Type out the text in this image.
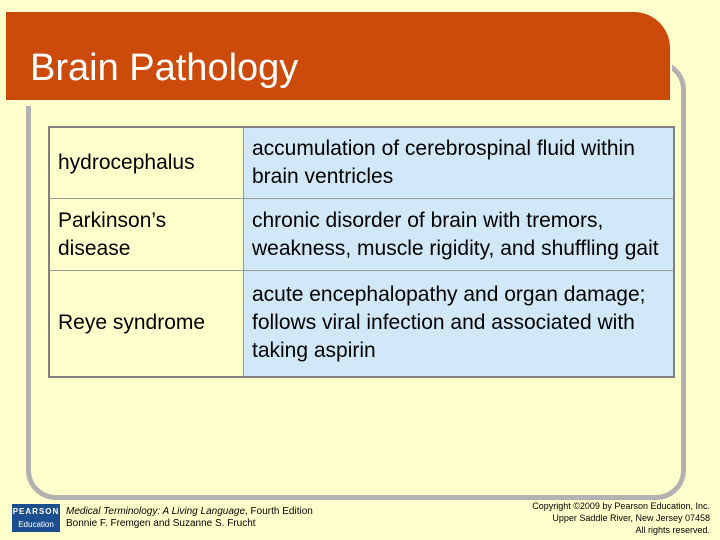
Brain Pathology
hydrocephalus	accumulation of cerebrospinal fluid within brain ventricles
Parkinson’s disease	chronic disorder of brain with tremors, weakness, muscle rigidity, and shuffling gait
Reye syndrome	acute encephalopathy and organ damage; follows viral infection and associated with taking aspirin
PEARSON
Education
Medical Terminology: A Living Language, Fourth Edition
Bonnie F. Fremgen and Suzanne S. Frucht
Copyright ©2009 by Pearson Education, Inc.
Upper Saddle River, New Jersey 07458
All rights reserved.
